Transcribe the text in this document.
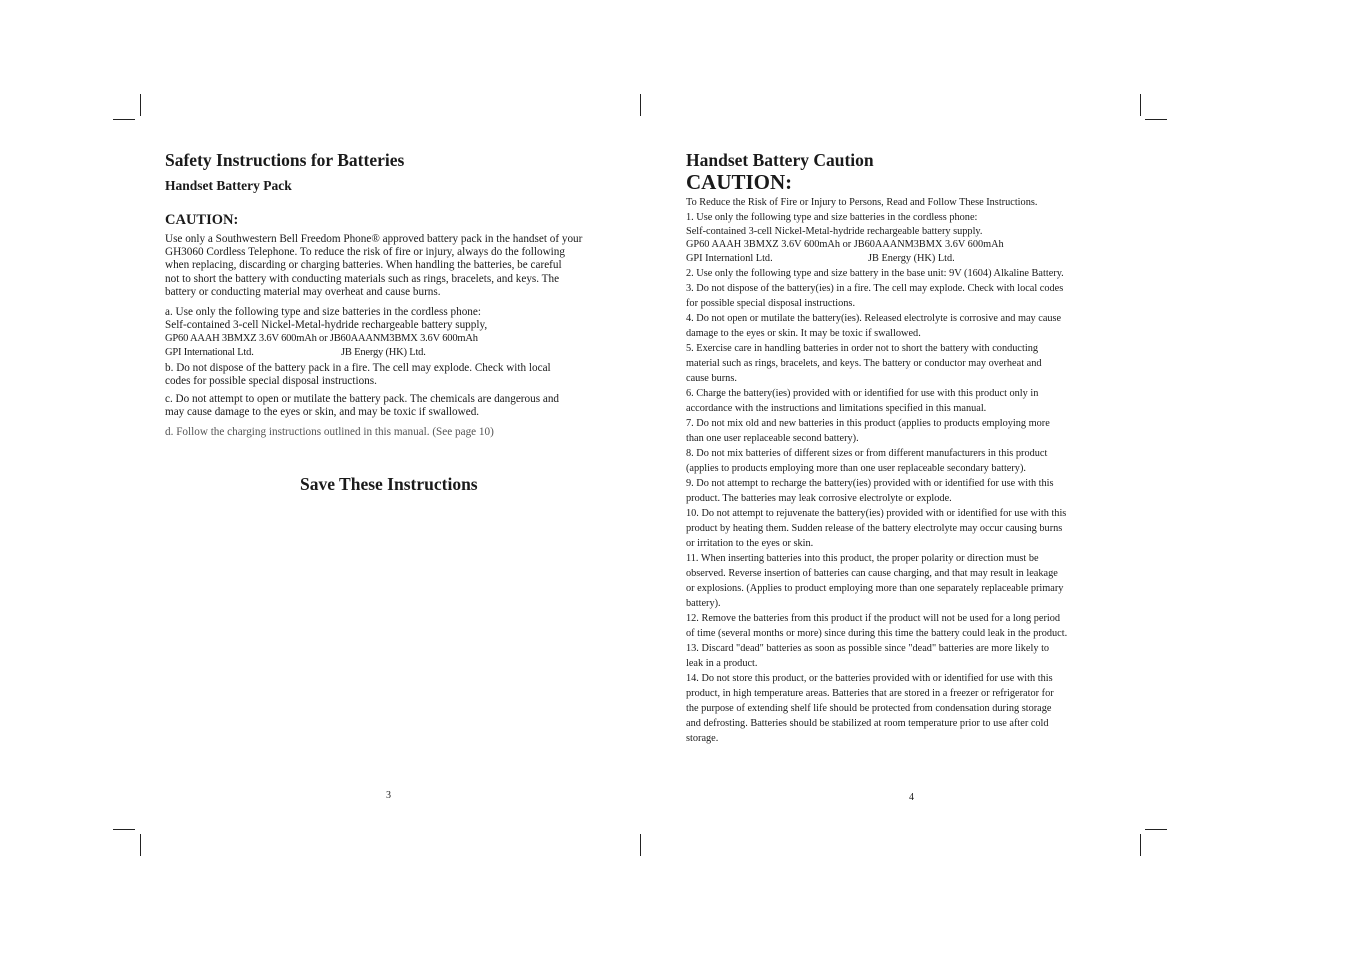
Safety Instructions for Batteries
Handset Battery Pack
CAUTION:
Use only a Southwestern Bell Freedom Phone® approved battery pack in the handset of your
GH3060 Cordless Telephone. To reduce the risk of fire or injury, always do the following
when replacing, discarding or charging batteries. When handling the batteries, be careful
not to short the battery with conducting materials such as rings, bracelets, and keys. The
battery or conducting material may overheat and cause burns.
a. Use only the following type and size batteries in the cordless phone:
Self-contained 3-cell Nickel-Metal-hydride rechargeable battery supply,
GP60 AAAH 3BMXZ 3.6V 600mAh or JB60AAANM3BMX 3.6V 600mAh
GPI International Ltd.	JB Energy (HK) Ltd.
b. Do not dispose of the battery pack in a fire. The cell may explode. Check with local
codes for possible special disposal instructions.
c. Do not attempt to open or mutilate the battery pack. The chemicals are dangerous and
may cause damage to the eyes or skin, and may be toxic if swallowed.
d. Follow the charging instructions outlined in this manual. (See page 10)
Save These Instructions
3
Handset Battery Caution
CAUTION:
To Reduce the Risk of Fire or Injury to Persons, Read and Follow These Instructions.
1. Use only the following type and size batteries in the cordless phone:
Self-contained 3-cell Nickel-Metal-hydride rechargeable battery supply.
GP60 AAAH 3BMXZ 3.6V 600mAh or JB60AAANM3BMX 3.6V 600mAh
GPI Internationl Ltd.	JB Energy (HK) Ltd.
2. Use only the following type and size battery in the base unit: 9V (1604) Alkaline Battery.
3. Do not dispose of the battery(ies) in a fire. The cell may explode. Check with local codes
for possible special disposal instructions.
4. Do not open or mutilate the battery(ies). Released electrolyte is corrosive and may cause
damage to the eyes or skin. It may be toxic if swallowed.
5. Exercise care in handling batteries in order not to short the battery with conducting
material such as rings, bracelets, and keys. The battery or conductor may overheat and
cause burns.
6. Charge the battery(ies) provided with or identified for use with this product only in
accordance with the instructions and limitations specified in this manual.
7. Do not mix old and new batteries in this product (applies to products employing more
than one user replaceable second battery).
8. Do not mix batteries of different sizes or from different manufacturers in this product
(applies to products employing more than one user replaceable secondary battery).
9. Do not attempt to recharge the battery(ies) provided with or identified for use with this
product. The batteries may leak corrosive electrolyte or explode.
10. Do not attempt to rejuvenate the battery(ies) provided with or identified for use with this
product by heating them. Sudden release of the battery electrolyte may occur causing burns
or irritation to the eyes or skin.
11. When inserting batteries into this product, the proper polarity or direction must be
observed. Reverse insertion of batteries can cause charging, and that may result in leakage
or explosions. (Applies to product employing more than one separately replaceable primary
battery).
12. Remove the batteries from this product if the product will not be used for a long period
of time (several months or more) since during this time the battery could leak in the product.
13. Discard "dead" batteries as soon as possible since "dead" batteries are more likely to
leak in a product.
14. Do not store this product, or the batteries provided with or identified for use with this
product, in high temperature areas. Batteries that are stored in a freezer or refrigerator for
the purpose of extending shelf life should be protected from condensation during storage
and defrosting. Batteries should be stabilized at room temperature prior to use after cold
storage.
4
